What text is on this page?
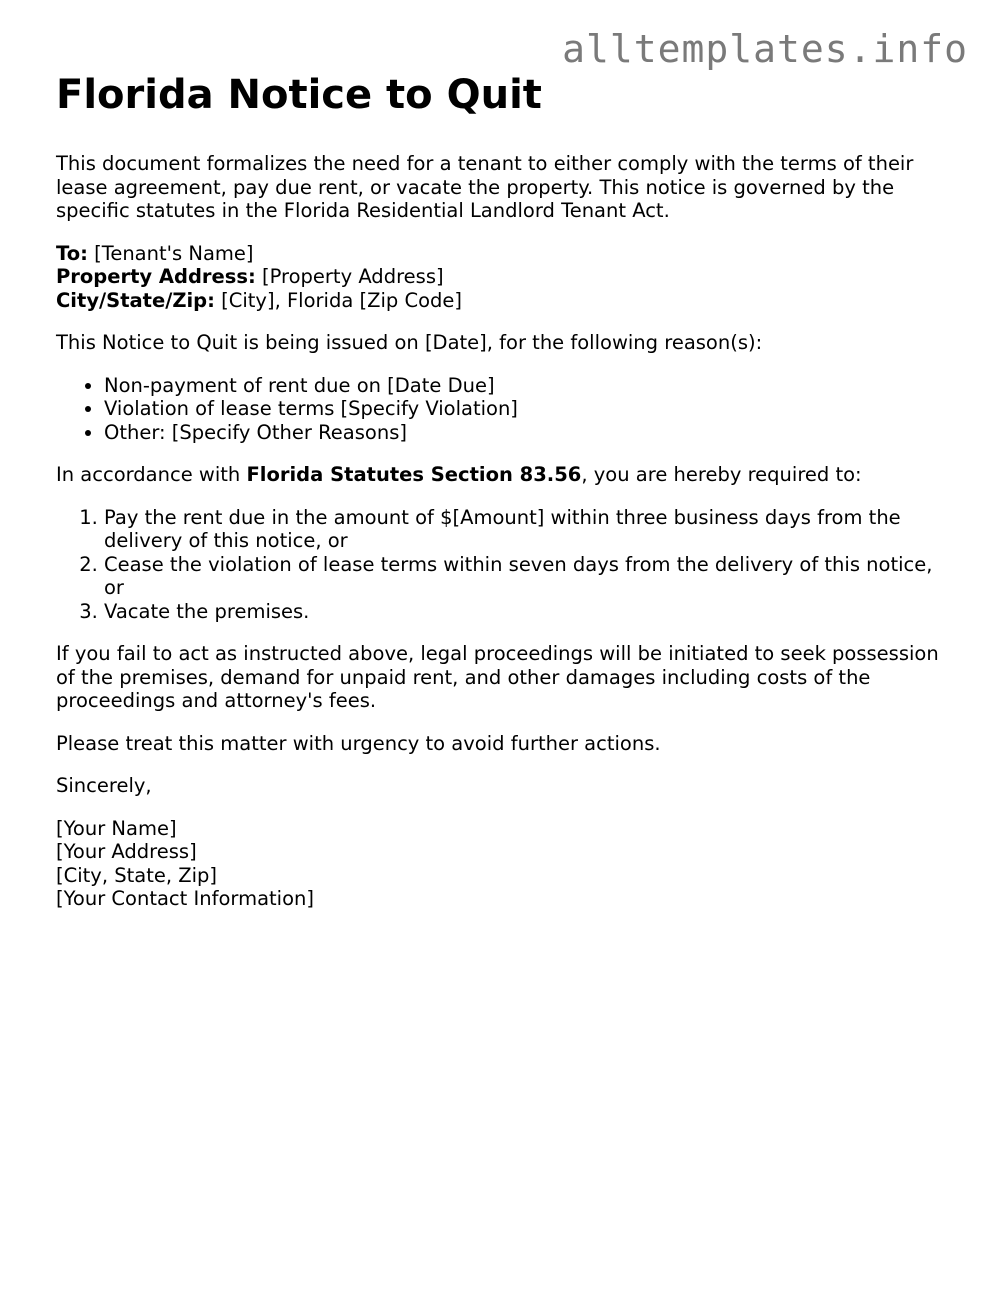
alltemplates.info
Florida Notice to Quit

This document formalizes the need for a tenant to either comply with the terms of their lease agreement, pay due rent, or vacate the property. This notice is governed by the specific statutes in the Florida Residential Landlord Tenant Act.

To: [Tenant's Name]
Property Address: [Property Address]
City/State/Zip: [City], Florida [Zip Code]

This Notice to Quit is being issued on [Date], for the following reason(s):

• Non-payment of rent due on [Date Due]
• Violation of lease terms [Specify Violation]
• Other: [Specify Other Reasons]

In accordance with Florida Statutes Section 83.56, you are hereby required to:

1. Pay the rent due in the amount of $[Amount] within three business days from the delivery of this notice, or
2. Cease the violation of lease terms within seven days from the delivery of this notice, or
3. Vacate the premises.

If you fail to act as instructed above, legal proceedings will be initiated to seek possession of the premises, demand for unpaid rent, and other damages including costs of the proceedings and attorney's fees.

Please treat this matter with urgency to avoid further actions.

Sincerely,

[Your Name]
[Your Address]
[City, State, Zip]
[Your Contact Information]
